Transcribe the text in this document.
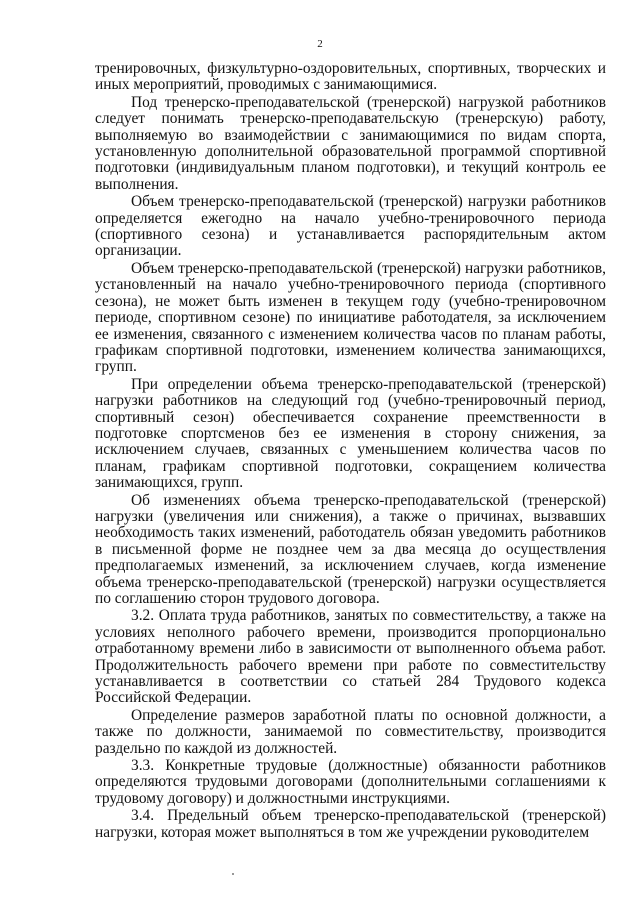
2

тренировочных, физкультурно-оздоровительных, спортивных, творческих и иных мероприятий, проводимых с занимающимися.

Под тренерско-преподавательской (тренерской) нагрузкой работников следует понимать тренерско-преподавательскую (тренерскую) работу, выполняемую во взаимодействии с занимающимися по видам спорта, установленную дополнительной образовательной программой спортивной подготовки (индивидуальным планом подготовки), и текущий контроль ее выполнения.

Объем тренерско-преподавательской (тренерской) нагрузки работников определяется ежегодно на начало учебно-тренировочного периода (спортивного сезона) и устанавливается распорядительным актом организации.

Объем тренерско-преподавательской (тренерской) нагрузки работников, установленный на начало учебно-тренировочного периода (спортивного сезона), не может быть изменен в текущем году (учебно-тренировочном периоде, спортивном сезоне) по инициативе работодателя, за исключением ее изменения, связанного с изменением количества часов по планам работы, графикам спортивной подготовки, изменением количества занимающихся, групп.

При определении объема тренерско-преподавательской (тренерской) нагрузки работников на следующий год (учебно-тренировочный период, спортивный сезон) обеспечивается сохранение преемственности в подготовке спортсменов без ее изменения в сторону снижения, за исключением случаев, связанных с уменьшением количества часов по планам, графикам спортивной подготовки, сокращением количества занимающихся, групп.

Об изменениях объема тренерско-преподавательской (тренерской) нагрузки (увеличения или снижения), а также о причинах, вызвавших необходимость таких изменений, работодатель обязан уведомить работников в письменной форме не позднее чем за два месяца до осуществления предполагаемых изменений, за исключением случаев, когда изменение объема тренерско-преподавательской (тренерской) нагрузки осуществляется по соглашению сторон трудового договора.

3.2. Оплата труда работников, занятых по совместительству, а также на условиях неполного рабочего времени, производится пропорционально отработанному времени либо в зависимости от выполненного объема работ. Продолжительность рабочего времени при работе по совместительству устанавливается в соответствии со статьей 284 Трудового кодекса Российской Федерации.

Определение размеров заработной платы по основной должности, а также по должности, занимаемой по совместительству, производится раздельно по каждой из должностей.

3.3. Конкретные трудовые (должностные) обязанности работников определяются трудовыми договорами (дополнительными соглашениями к трудовому договору) и должностными инструкциями.

3.4. Предельный объем тренерско-преподавательской (тренерской) нагрузки, которая может выполняться в том же учреждении руководителем
